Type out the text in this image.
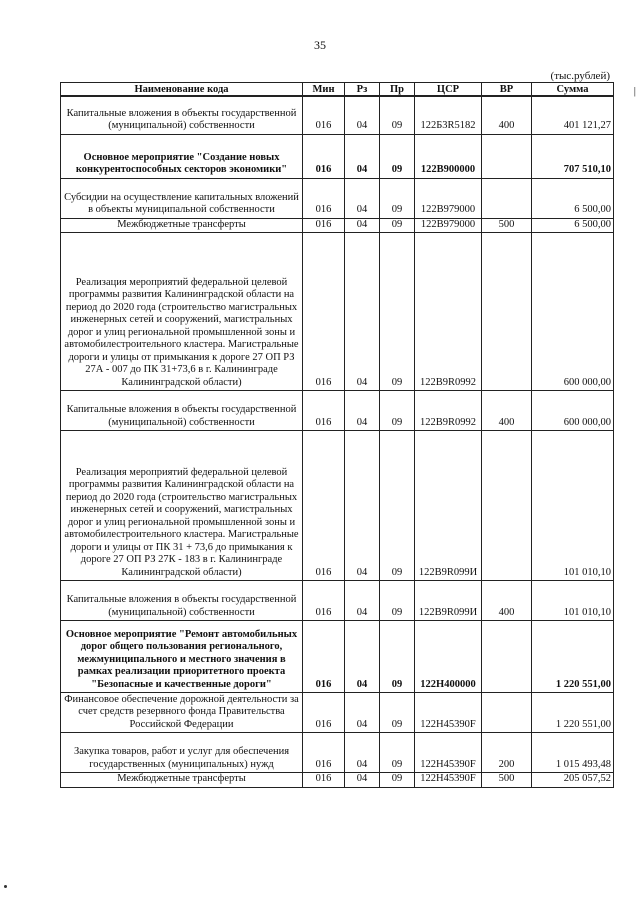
35
(тыс.рублей)
|
Наименование кода	Мин	Рз	Пр	ЦСР	ВР	Сумма
Капитальные вложения в объекты государственной (муниципальной) собственности	016	04	09	122Б3R5182	400	401 121,27
Основное мероприятие "Создание новых конкурентоспособных секторов экономики"	016	04	09	122В900000		707 510,10
Субсидии на осуществление капитальных вложений в объекты муниципальной собственности	016	04	09	122В979000		6 500,00
Межбюджетные трансферты	016	04	09	122В979000	500	6 500,00
Реализация мероприятий федеральной целевой программы развития Калининградской области на период до 2020 года (строительство магистральных инженерных сетей и сооружений, магистральных дорог и улиц региональной промышленной зоны и автомобилестроительного кластера. Магистральные дороги и улицы от примыкания к дороге 27 ОП РЗ 27А - 007 до ПК 31+73,6 в г. Калининграде Калининградской области)	016	04	09	122В9R0992		600 000,00
Капитальные вложения в объекты государственной (муниципальной) собственности	016	04	09	122В9R0992	400	600 000,00
Реализация мероприятий федеральной целевой программы развития Калининградской области на период до 2020 года (строительство магистральных инженерных сетей и сооружений, магистральных дорог и улиц региональной промышленной зоны и автомобилестроительного кластера. Магистральные дороги и улицы от ПК 31 + 73,6 до примыкания к дороге 27 ОП РЗ 27К - 183 в г. Калининграде Калининградской области)	016	04	09	122В9R099И		101 010,10
Капитальные вложения в объекты государственной (муниципальной) собственности	016	04	09	122В9R099И	400	101 010,10
Основное мероприятие "Ремонт автомобильных дорог общего пользования регионального, межмуниципального и местного значения в рамках реализации приоритетного проекта "Безопасные и качественные дороги"	016	04	09	122Н400000		1 220 551,00
Финансовое обеспечение дорожной деятельности за счет средств резервного фонда Правительства Российской Федерации	016	04	09	122Н45390F		1 220 551,00
Закупка товаров, работ и услуг для обеспечения государственных (муниципальных) нужд	016	04	09	122Н45390F	200	1 015 493,48
Межбюджетные трансферты	016	04	09	122Н45390F	500	205 057,52
